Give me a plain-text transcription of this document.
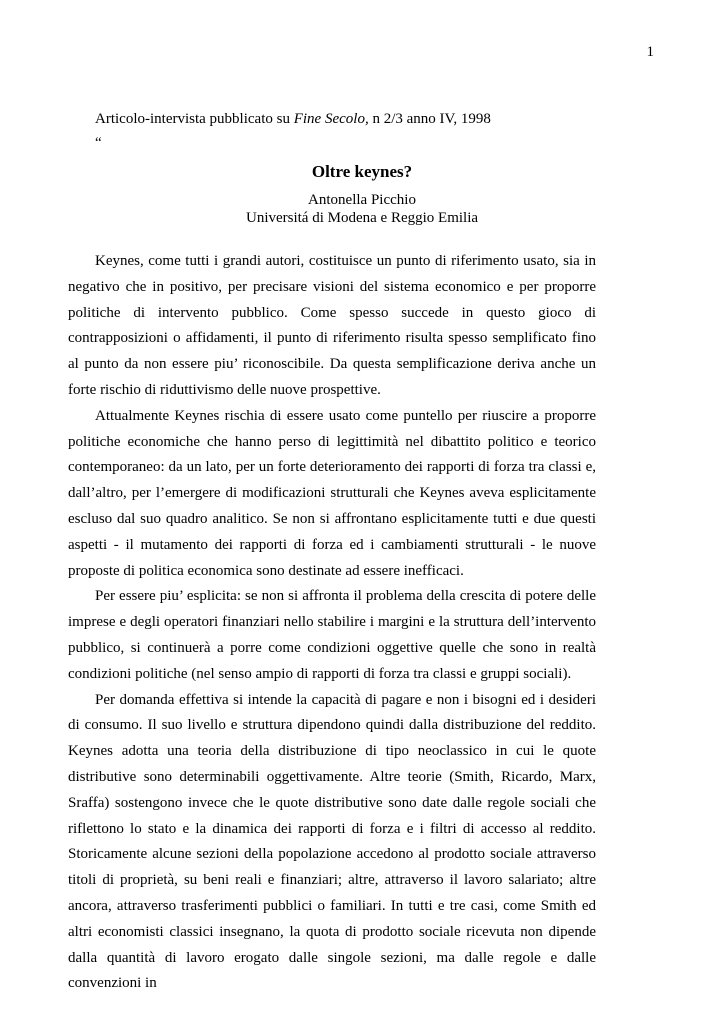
1
Articolo-intervista pubblicato su Fine Secolo, n 2/3 anno IV, 1998
“
Oltre keynes?
Antonella Picchio
Universitá di Modena e Reggio Emilia

Keynes, come tutti i grandi autori, costituisce un punto di riferimento usato, sia in negativo che in positivo, per precisare visioni del sistema economico e per proporre politiche di intervento pubblico. Come spesso succede in questo gioco di contrapposizioni o affidamenti, il punto di riferimento risulta spesso semplificato fino al punto da non essere piu’ riconoscibile. Da questa semplificazione deriva anche un forte rischio di riduttivismo delle nuove prospettive.

Attualmente Keynes rischia di essere usato come puntello per riuscire a proporre politiche economiche che hanno perso di legittimità nel dibattito politico e teorico contemporaneo: da un lato, per un forte deterioramento dei rapporti di forza tra classi e, dall’altro, per l’emergere di modificazioni strutturali che Keynes aveva esplicitamente escluso dal suo quadro analitico. Se non si affrontano esplicitamente tutti e due questi aspetti - il mutamento dei rapporti di forza ed i cambiamenti strutturali - le nuove proposte di politica economica sono destinate ad essere inefficaci.

Per essere piu’ esplicita: se non si affronta il problema della crescita di potere delle imprese e degli operatori finanziari nello stabilire i margini e la struttura dell’intervento pubblico, si continuerà a porre come condizioni oggettive quelle che sono in realtà condizioni politiche (nel senso ampio di rapporti di forza tra classi e gruppi sociali).

Per domanda effettiva si intende la capacità di pagare e non i bisogni ed i desideri di consumo. Il suo livello e struttura dipendono quindi dalla distribuzione del reddito. Keynes adotta una teoria della distribuzione di tipo neoclassico in cui le quote distributive sono determinabili oggettivamente. Altre teorie (Smith, Ricardo, Marx, Sraffa) sostengono invece che le quote distributive sono date dalle regole sociali che riflettono lo stato e la dinamica dei rapporti di forza e i filtri di accesso al reddito. Storicamente alcune sezioni della popolazione accedono al prodotto sociale attraverso titoli di proprietà, su beni reali e finanziari; altre, attraverso il lavoro salariato; altre ancora, attraverso trasferimenti pubblici o familiari. In tutti e tre casi, come Smith ed altri economisti classici insegnano, la quota di prodotto sociale ricevuta non dipende dalla quantità di lavoro erogato dalle singole sezioni, ma dalle regole e dalle convenzioni in
